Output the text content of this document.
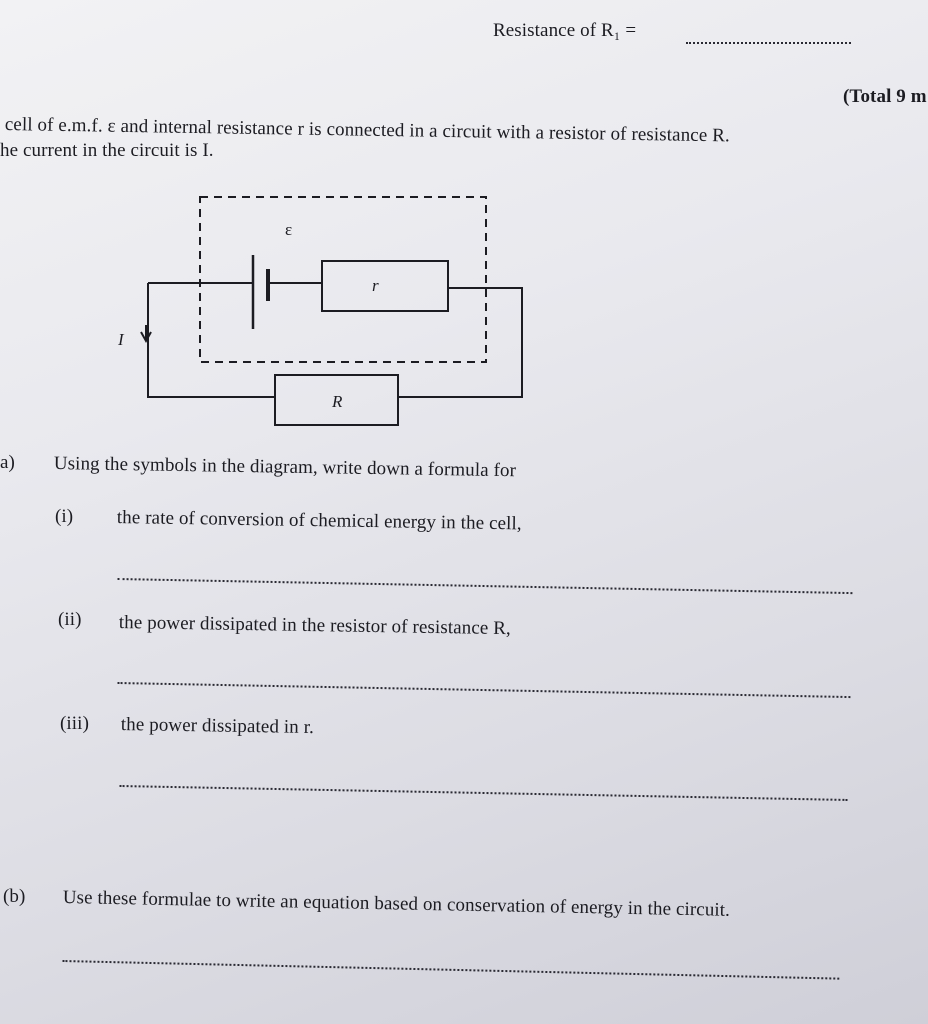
Resistance of R₁ =
(Total 9 m
cell of e.m.f. ε and internal resistance r is connected in a circuit with a resistor of resistance R.
he current in the circuit is I.
ε
r
R
I
a) Using the symbols in the diagram, write down a formula for
(i) the rate of conversion of chemical energy in the cell,
(ii) the power dissipated in the resistor of resistance R,
(iii) the power dissipated in r.
(b) Use these formulae to write an equation based on conservation of energy in the circuit.
